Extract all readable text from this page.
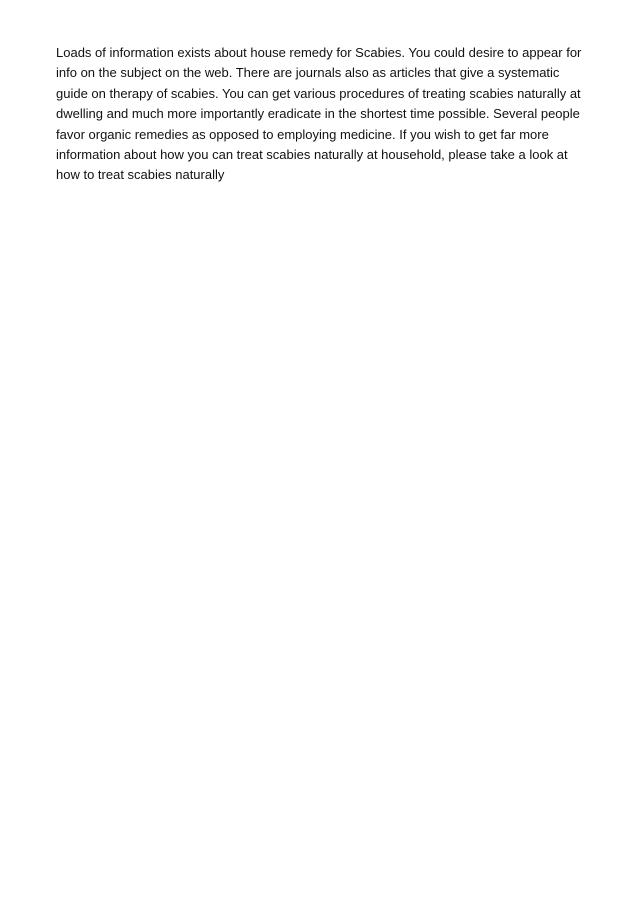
Loads of information exists about house remedy for Scabies. You could desire to appear for
info on the subject on the web. There are journals also as articles that give a systematic
guide on therapy of scabies. You can get various procedures of treating scabies naturally at
dwelling and much more importantly eradicate in the shortest time possible. Several people
favor organic remedies as opposed to employing medicine. If you wish to get far more
information about how you can treat scabies naturally at household, please take a look at
how to treat scabies naturally
